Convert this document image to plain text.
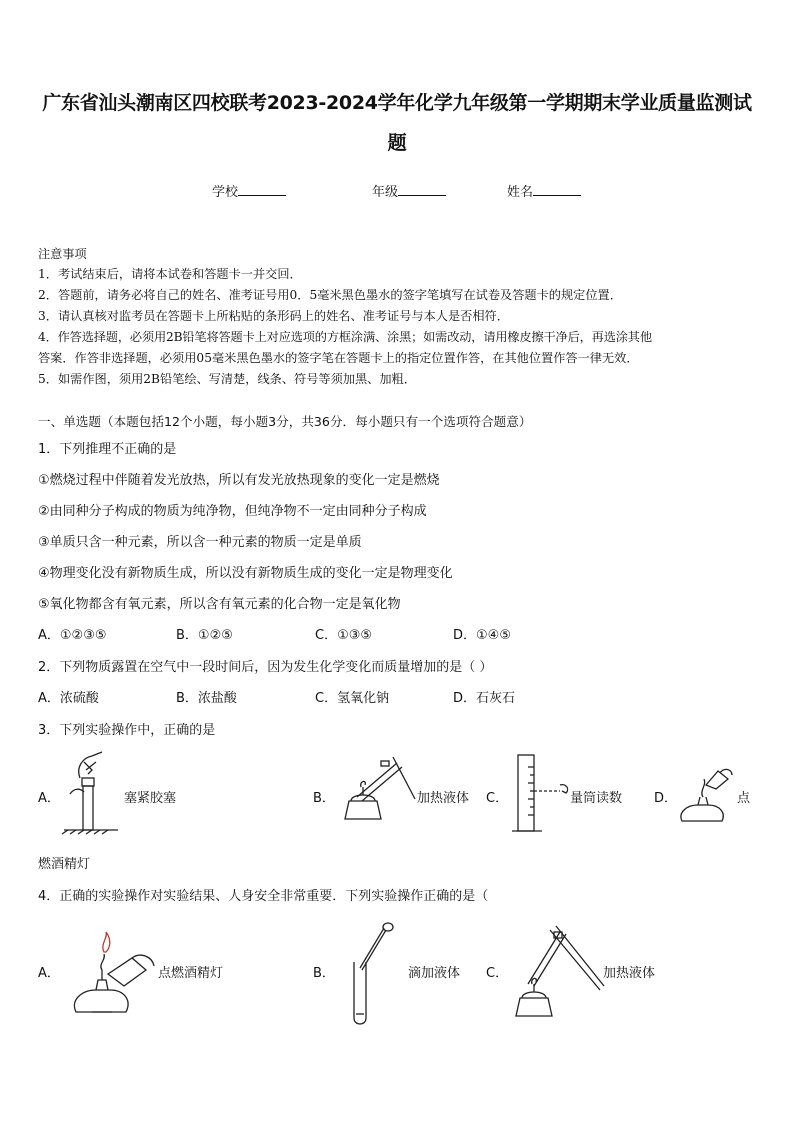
广东省汕头潮南区四校联考2023-2024学年化学九年级第一学期期末学业质量监测试
题
学校	年级	姓名
注意事项
1．考试结束后，请将本试卷和答题卡一并交回．
2．答题前，请务必将自己的姓名、准考证号用0．5毫米黑色墨水的签字笔填写在试卷及答题卡的规定位置．
3．请认真核对监考员在答题卡上所粘贴的条形码上的姓名、准考证号与本人是否相符．
4．作答选择题，必须用2B铅笔将答题卡上对应选项的方框涂满、涂黑；如需改动，请用橡皮擦干净后，再选涂其他
答案．作答非选择题，必须用05毫米黑色墨水的签字笔在答题卡上的指定位置作答，在其他位置作答一律无效．
5．如需作图，须用2B铅笔绘、写清楚，线条、符号等须加黑、加粗．
一、单选题（本题包括12个小题，每小题3分，共36分．每小题只有一个选项符合题意）
1．下列推理不正确的是
①燃烧过程中伴随着发光放热，所以有发光放热现象的变化一定是燃烧
②由同种分子构成的物质为纯净物，但纯净物不一定由同种分子构成
③单质只含一种元素，所以含一种元素的物质一定是单质
④物理变化没有新物质生成，所以没有新物质生成的变化一定是物理变化
⑤氧化物都含有氧元素，所以含有氧元素的化合物一定是氧化物
A．①②③⑤	B．①②⑤	C．①③⑤	D．①④⑤
2．下列物质露置在空气中一段时间后，因为发生化学变化而质量增加的是（ ）
A．浓硫酸	B．浓盐酸	C．氢氧化钠	D．石灰石
3．下列实验操作中，正确的是
A．	塞紧胶塞	B．	加热液体 C．	量筒读数 D．	点
燃酒精灯
4．正确的实验操作对实验结果、人身安全非常重要．下列实验操作正确的是（
A．	点燃酒精灯	B．	滴加液体 C．	加热液体
